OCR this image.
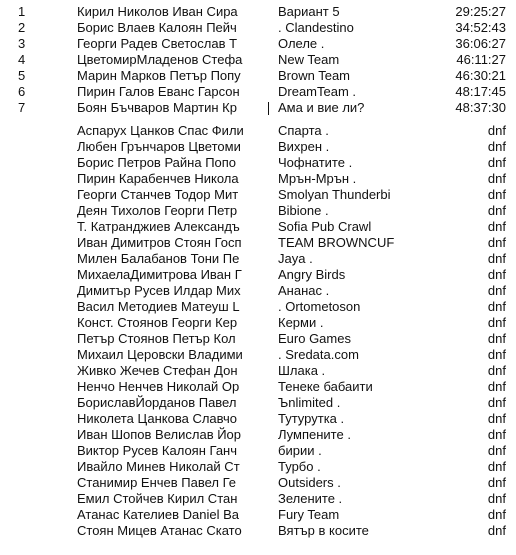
1	Кирил Николов Иван Сира	Вариант 5	29:25:27
2	Борис Влаев Калоян Пейч	. Clandestino	34:52:43
3	Георги Радев Светослав Т	Олеле .	36:06:27
4	ЦветомирМладенов Стефа	New Team	46:11:27
5	Марин Марков Петър Попу	Brown Team	46:30:21
6	Пирин Галов Еванс Гарсон	DreamTeam .	48:17:45
7	Боян Бъчваров Мартин Кр	Ама и вие ли?	48:37:30
Аспарух Цанков Спас Фили	Спарта .	dnf
Любен Грънчаров Цветоми	Вихрен .	dnf
Борис Петров Райна Попо	Чофнатите .	dnf
Пирин Карабенчев Никола	Мрън-Мрън .	dnf
Георги Станчев Тодор Мит	Smolyan Thunderbi	dnf
Деян Тихолов Георги Петр	Bibione .	dnf
Т. Катранджиев Александъ	Sofia Pub Crawl	dnf
Иван Димитров Стоян Госп	TEAM BROWNCUF	dnf
Милен Балабанов Тони Пе	Jaya .	dnf
МихаелаДимитрова Иван Г	Angry Birds	dnf
Димитър Русев Илдар Мих	Ананас .	dnf
Васил Методиев Матеуш L	. Ortometoson	dnf
Конст. Стоянов Георги Кер	Керми .	dnf
Петър Стоянов Петър Кол	Euro Games	dnf
Михаил Церовски Владими	. Sredata.com	dnf
Живко Жечев Стефан Дон	Шлака .	dnf
Ненчо Ненчев Николай Ор	Тенеке бабаити	dnf
БориславЙорданов Павел	Ъnlimited .	dnf
Николета Цанкова Славчо	Тутурутка .	dnf
Иван Шопов Велислав Йор	Лумпените .	dnf
Виктор Русев Калоян Ганч	бирии .	dnf
Ивайло Минев Николай Ст	Турбо .	dnf
Станимир Енчев Павел Ге	Outsiders .	dnf
Емил Стойчев Кирил Стан	Зелените .	dnf
Атанас Кателиев Daniel Ba	Fury Team	dnf
Стоян Мицев Атанас Скато	Вятър в косите	dnf
